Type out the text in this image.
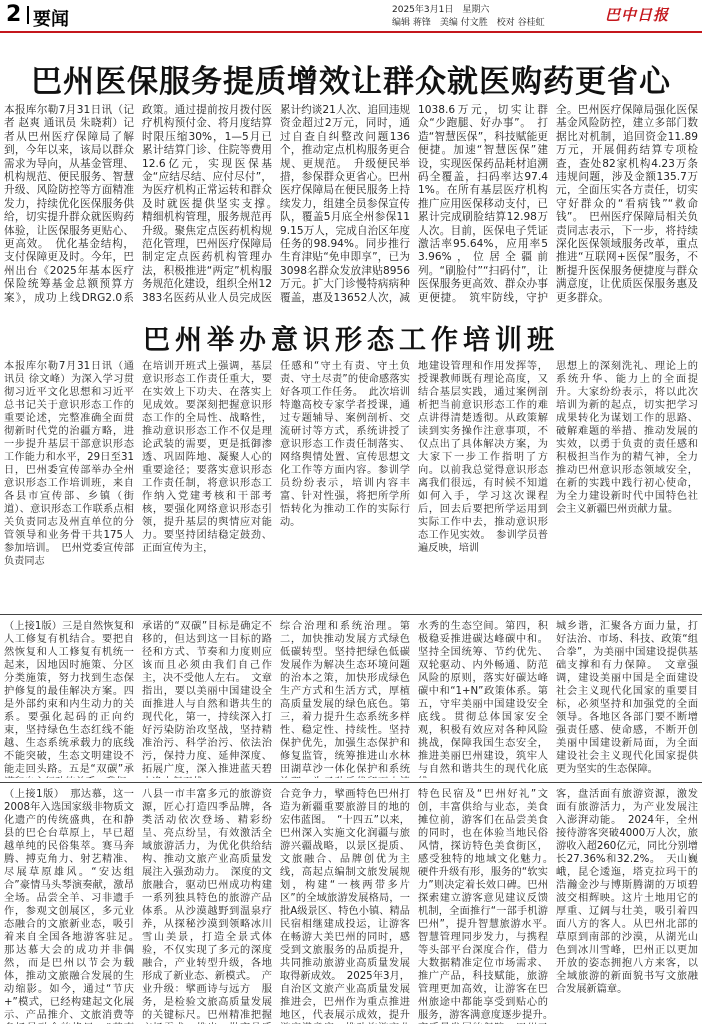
2 要闻	2025年3月1日　星期六
编辑 蒋锋　美编 付文胜　校对 谷桂虹	巴中日报
巴州医保服务提质增效让群众就医购药更省心
本报库尔勒7月31日讯（记者 赵爽 通讯员 朱晓莉）记者从巴州医疗保障局了解到，今年以来，该局以群众需求为导向，从基金管理、机构规范、便民服务、智慧升级、风险防控等方面精准发力，持续优化医保服务供给，切实提升群众就医购药体验，让医保服务更贴心、更高效。　优化基金结构，支付保障更及时。今年，巴州出台《2025年基本医疗保险统筹基金总额预算方案》，成功上线DRG2.0系
政策。通过提前按月拨付医疗机构预付金、将月度结算时限压缩30%，1—5月已累计结算门诊、住院等费用12.6亿元，实现医保基金“应结尽结、应付尽付”，为医疗机构正常运转和群众及时就医提供坚实支撑。　精细机构管理，服务规范再升级。聚焦定点医药机构规范化管理，巴州医疗保障局制定定点医药机构管理办法，积极推进“两定”机构服务规范化建设，组织全州12383名医药从业人员完成医
累计约谈21人次、追回违规资金超过2万元，同时，通过自查自纠整改问题136个，推动定点机构服务更合规、更规范。　升级便民举措，参保群众更省心。巴州医疗保障局在便民服务上持续发力，组建全员参保宣传队，覆盖5月底全州参保119.15万人，完成自治区年度任务的98.94%。同步推行生育津贴“免申即享”，已为3098名群众发放津贴8956万元。扩大门诊慢特病病种覆盖，惠及13652人次，减
1038.6万元，切实让群众“少跑腿、好办事”。　打造“智慧医保”，科技赋能更便捷。加速“智慧医保”建设，实现医保药品耗材追溯码全覆盖，扫码率达97.41%。在所有基层医疗机构推广应用医保移动支付，已累计完成刷脸结算12.98万人次。目前，医保电子凭证激活率95.64%，应用率53.96%，位居全疆前列。“刷脸付”“扫码付”，让医保服务更高效、群众办事更便捷。　筑牢防线，守护
全。巴州医疗保障局强化医保基金风险防控，建立多部门数据比对机制，追回资金11.89万元，开展佣药结算专项检查，查处82家机构4.23万条违规问题，涉及金额135.7万元，全面压实各方责任，切实守好群众的“看病钱”“救命钱”。　巴州医疗保障局相关负责同志表示，下一步，将持续深化医保领域服务改革，重点推进“互联网+医保”服务，不断提升医保服务便捷度与群众满意度，让优质医保服务惠及更多群众。
巴州举办意识形态工作培训班
本报库尔勒7月31日讯（通讯员 徐文峰）为深入学习贯彻习近平文化思想和习近平总书记关于意识形态工作的重要论述，完整准确全面贯彻新时代党的治疆方略，进一步提升基层干部意识形态工作能力和水平，29日至31日，巴州委宣传部举办全州意识形态工作培训班，来自各县市宣传部、乡镇（街道）、意识形态工作联系点相关负责同志及州直单位的分管领导和业务骨干共175人参加培训。　巴州党委宣传部负责同志
在培训开班式上强调，基层意识形态工作责任重大，要在实效上下功夫、在落实上见成效。要深刻把握意识形态工作的全局性、战略性，推动意识形态工作不仅是理论武装的需要，更是抵御渗透、巩固阵地、凝聚人心的重要途径；要落实意识形态工作责任制，将意识形态工作纳入党建考核和干部考核，要强化网络意识形态引领，提升基层的舆情应对能力。要坚持团结稳定鼓劲、正面宣传为主，
任感和“守土有责、守土负责、守土尽责”的使命感落实好各项工作任务。　此次培训特邀高校专家学者授课，通过专题辅导、案例剖析、交流研讨等方式，系统讲授了意识形态工作责任制落实、网络舆情处置、宣传思想文化工作等方面内容。参训学员纷纷表示，培训内容丰富、针对性强，将把所学所悟转化为推动工作的实际行动。
地建设管理和作用发挥等，授课教师既有理论高度，又结合基层实践，通过案例剖析把当前意识形态工作的难点讲得清楚透彻。从政策解读到实务操作注意事项，不仅点出了具体解决方案，为大家下一步工作指明了方向。以前我总觉得意识形态离我们很远，有时候不知道如何入手，学习这次课程后，回去后要把所学运用到实际工作中去，推动意识形态工作见实效。　参训学员普遍反映，培训
思想上的深刻洗礼、理论上的系统升华、能力上的全面提升。大家纷纷表示，将以此次培训为新的起点，切实把学习成果转化为谋划工作的思路、破解难题的举措、推动发展的实效，以勇于负责的责任感和积极担当作为的精气神，全力推动巴州意识形态领域安全，在新的实践中践行初心使命，为全力建设新时代中国特色社会主义新疆巴州贡献力量。
（上接1版）三是自然恢复和人工修复有机结合。要把自然恢复和人工修复有机统一起来，因地因时施策、分区分类施策，努力找到生态保护修复的最佳解决方案。四是外部约束和内生动力的关系。要强化起码的正向约束，坚持绿色生态红线不能越、生态系统承载力的底线不能突破，生态文明建设不能走回头路。五是“双碳”承
承诺的“双碳”目标是确定不移的，但达到这一目标的路径和方式、节奏和力度则应该而且必须由我们自己作主，决不受他人左右。　文章指出，要以美丽中国建设全面推进人与自然和谐共生的现代化，第一，持续深入打好污染防治攻坚战，坚持精准治污、科学治污、依法治污，保持力度、延伸深度、拓展广度，深入推进蓝天碧
综合治理和系统治理。第二，加快推动发展方式绿色低碳转型。坚持把绿色低碳发展作为解决生态环境问题的治本之策，加快形成绿色生产方式和生活方式，厚植高质量发展的绿色底色。第三，着力提升生态系统多样性、稳定性、持续性。坚持保护优先，加强生态保护和修复监管，统筹推进山水林田湖草沙一体化保护和系统
水秀的生态空间。第四，积极稳妥推进碳达峰碳中和。坚持全国统筹、节约优先、双轮驱动、内外畅通、防范风险的原则，落实好碳达峰碳中和“1+N”政策体系。第五，守牢美丽中国建设安全底线。贯彻总体国家安全观，积极有效应对各种风险挑战，保障我国生态安全，推进美丽巴州建设，筑牢人与自然和谐共生的现代化底
城乡谐，汇聚各方面力量，打好法治、市场、科技、政策“组合拳”，为美丽中国建设提供基础支撑和有力保障。　文章强调，建设美丽中国是全面建设社会主义现代化国家的重要目标，必须坚持和加强党的全面领导。各地区各部门要不断增强责任感、使命感，不断开创美丽中国建设新局面，为全面建设社会主义现代化国家提供更为坚实的生态保障。
（上接1版）　那达慕，这一2008年入选国家级非物质文化遗产的传统盛典，在和静县的巴仑台草原上，早已超越单纯的民俗集萃。赛马奔腾、搏克角力、射艺精准、尽展草原雄风。“安达组合”豪情马头琴演奏献，激昂全场。品尝全羊、习非遗手作，参观文创展区，多元业态融合的文旅新业态，吸引着来自全国各地游客驻足。　那达慕大会的成功并非偶然，而是巴州以节会为载体，推动文旅融合发展的生动缩影。如今，通过“节庆+”模式，已经构建起文化展示、产品推介、文旅消费等
八县一市丰富多元的旅游资源，匠心打造四季品牌，各类活动依次登场、精彩纷呈、亮点纷呈，有效激活全域旅游活力，为优化供给结构、推动文旅产业高质量发展注入强劲动力。　深度的文旅融合，驱动巴州成功构建一系列独具特色的旅游产品体系。从沙漠越野到温泉疗养，从探秘沙漠到领略冰川雪山美景，打造全景式体验，不仅实现了多元的深度融合，产业转型升级，各地形成了新业态、新模式。　产业升级：擘画诗与远方　服务，是检验文旅高质量发展的关键标尺。巴州精准把握
合竞争力，擘画特色巴州打造为新疆重要旅游目的地的宏伟蓝图。　“十四五”以来，巴州深入实施文化润疆与旅游兴疆战略，以景区提质、文旅融合、品牌创优为主线，高起点编制文旅发展规划，构建“一核两带多片区”的全域旅游发展格局，一批A级景区、特色小镇、精品民宿相继建成投运，让游客在畅游大美巴州的同时，感受到文旅服务的品质提升，共同推动旅游业高质量发展取得新成效。　2025年3月，自治区文旅产业高质量发展推进会，巴州作为重点推进地区，代表展示成效，提升
特色民宿及“巴州好礼”文创，丰富供给与业态，美食摊位前，游客们在品尝美食的同时，也在体验当地民俗风情，探访特色美食街区，感受独特的地域文化魅力。　硬件升级有形，服务的“软实力”则决定着长效口碑。巴州探索建立游客意见建议反馈机制，全面推行“一部手机游巴州”，提升智慧旅游水平。　智慧管理同步发力，与携程等头部平台深度合作，借力大数据精准定位市场需求、推广产品，科技赋能，旅游管理更加高效，让游客在巴州旅途中都能享受到贴心的服务，游客满意度逐步提升。　
客，盘活面有旅游资源，激发面有旅游活力，为产业发展注入澎湃动能。　2024年，全州接待游客突破4000万人次，旅游收入超260亿元，同比分别增长27.36%和32.2%。　天山巍峨，昆仑逶迤，塔克拉玛干的浩瀚金沙与博斯腾湖的万顷碧波交相辉映。这片土地用它的厚重、辽阔与壮美，吸引着四面八方的客人。从巴州北部的草原到南部的沙漠，从湖光山色到冰川雪峰，巴州正以更加开放的姿态拥抱八方来客，以全域旅游的新面貌书写文旅融合发展新篇章。
